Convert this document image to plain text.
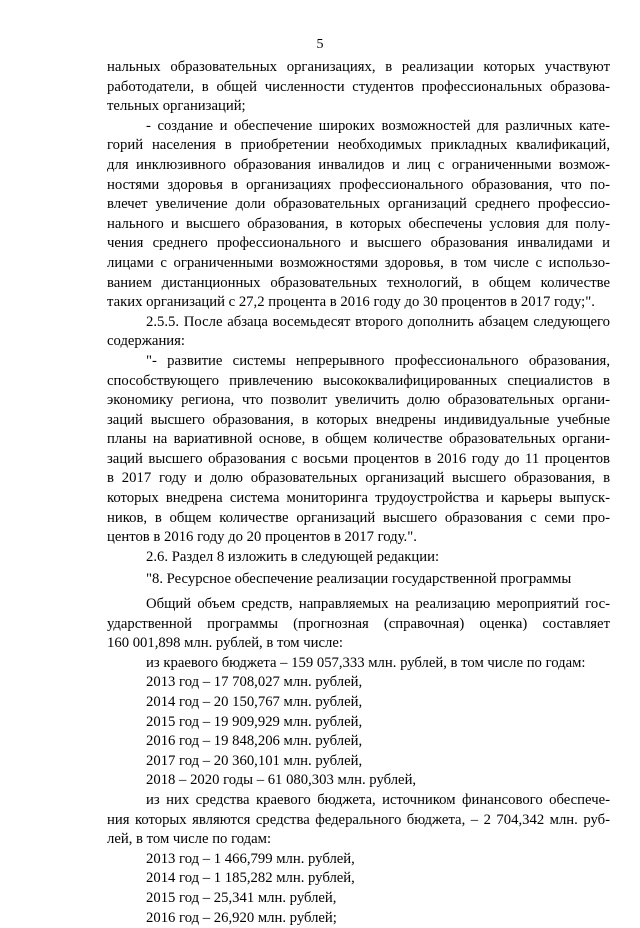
5
нальных образовательных организациях, в реализации которых участвуют
работодатели, в общей численности студентов профессиональных образова-
тельных организаций;
- создание и обеспечение широких возможностей для различных кате-
горий населения в приобретении необходимых прикладных квалификаций,
для инклюзивного образования инвалидов и лиц с ограниченными возмож-
ностями здоровья в организациях профессионального образования, что по-
влечет увеличение доли образовательных организаций среднего профессио-
нального и высшего образования, в которых обеспечены условия для полу-
чения среднего профессионального и высшего образования инвалидами и
лицами с ограниченными возможностями здоровья, в том числе с использо-
ванием дистанционных образовательных технологий, в общем количестве
таких организаций с 27,2 процента в 2016 году до 30 процентов в 2017 году;".
2.5.5. После абзаца восемьдесят второго дополнить абзацем следующего
содержания:
"- развитие системы непрерывного профессионального образования,
способствующего привлечению высококвалифицированных специалистов в
экономику региона, что позволит увеличить долю образовательных органи-
заций высшего образования, в которых внедрены индивидуальные учебные
планы на вариативной основе, в общем количестве образовательных органи-
заций высшего образования с восьми процентов в 2016 году до 11 процентов
в 2017 году и долю образовательных организаций высшего образования, в
которых внедрена система мониторинга трудоустройства и карьеры выпуск-
ников, в общем количестве организаций высшего образования с семи про-
центов в 2016 году до 20 процентов в 2017 году.".
2.6. Раздел 8 изложить в следующей редакции:
"8. Ресурсное обеспечение реализации государственной программы
Общий объем средств, направляемых на реализацию мероприятий гос-
ударственной программы (прогнозная (справочная) оценка) составляет
160 001,898 млн. рублей, в том числе:
из краевого бюджета – 159 057,333 млн. рублей, в том числе по годам:
2013 год – 17 708,027 млн. рублей,
2014 год – 20 150,767 млн. рублей,
2015 год – 19 909,929 млн. рублей,
2016 год – 19 848,206 млн. рублей,
2017 год – 20 360,101 млн. рублей,
2018 – 2020 годы – 61 080,303 млн. рублей,
из них средства краевого бюджета, источником финансового обеспече-
ния которых являются средства федерального бюджета, – 2 704,342 млн. руб-
лей, в том числе по годам:
2013 год – 1 466,799 млн. рублей,
2014 год – 1 185,282 млн. рублей,
2015 год – 25,341 млн. рублей,
2016 год – 26,920 млн. рублей;
